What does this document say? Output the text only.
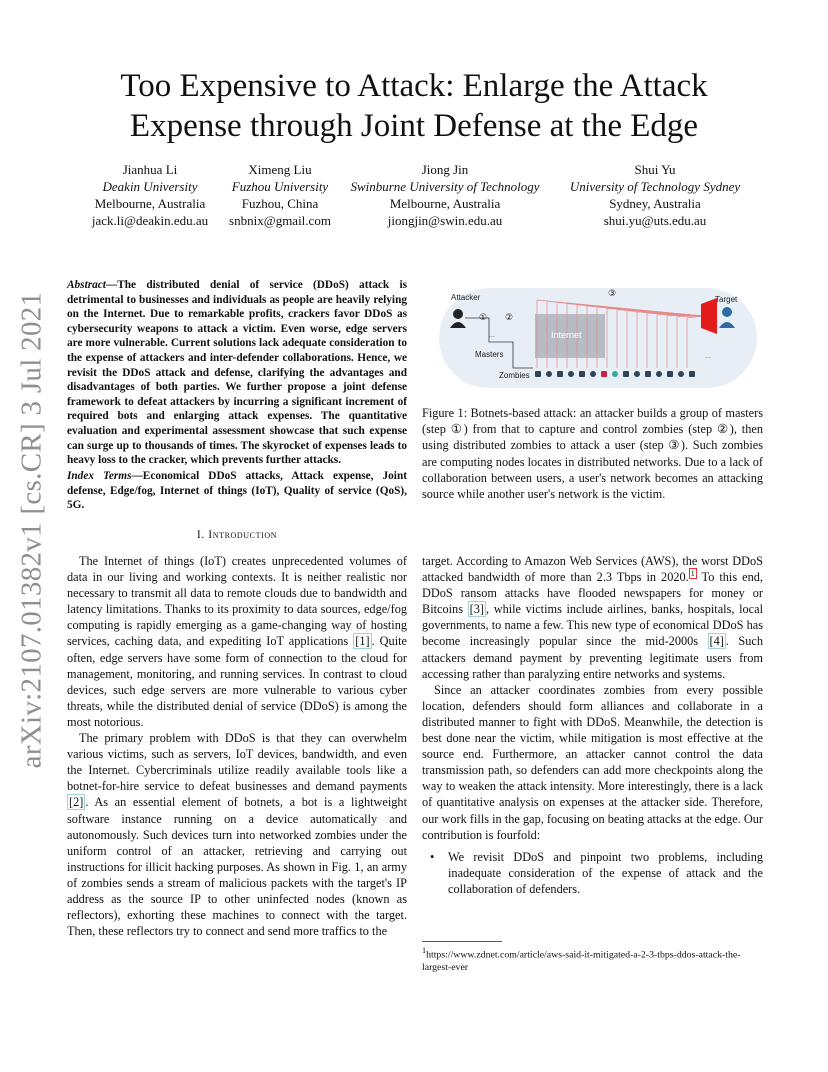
arXiv:2107.01382v1 [cs.CR] 3 Jul 2021
Too Expensive to Attack: Enlarge the Attack Expense through Joint Defense at the Edge
Jianhua Li
Deakin University
Melbourne, Australia
jack.li@deakin.edu.au
Ximeng Liu
Fuzhou University
Fuzhou, China
snbnix@gmail.com
Jiong Jin
Swinburne University of Technology
Melbourne, Australia
jiongjin@swin.edu.au
Shui Yu
University of Technology Sydney
Sydney, Australia
shui.yu@uts.edu.au

Abstract—The distributed denial of service (DDoS) attack is detrimental to businesses and individuals as people are heavily relying on the Internet. Due to remarkable profits, crackers favor DDoS as cybersecurity weapons to attack a victim. Even worse, edge servers are more vulnerable. Current solutions lack adequate consideration to the expense of attackers and inter-defender collaborations. Hence, we revisit the DDoS attack and defense, clarifying the advantages and disadvantages of both parties. We further propose a joint defense framework to defeat attackers by incurring a significant increment of required bots and enlarging attack expenses. The quantitative evaluation and experimental assessment showcase that such expense can surge up to thousands of times. The skyrocket of expenses leads to heavy loss to the cracker, which prevents further attacks.

Index Terms—Economical DDoS attacks, Attack expense, Joint defense, Edge/fog, Internet of things (IoT), Quality of service (QoS), 5G.

I. Introduction

The Internet of things (IoT) creates unprecedented volumes of data in our living and working contexts. It is neither realistic nor necessary to transmit all data to remote clouds due to bandwidth and latency limitations. Thanks to its proximity to data sources, edge/fog computing is rapidly emerging as a game-changing way of hosting services, caching data, and expediting IoT applications [1] . Quite often, edge servers have some form of connection to the cloud for management, monitoring, and running services. In contrast to cloud devices, such edge servers are more vulnerable to various cyber threats, while the distributed denial of service (DDoS) is among the most notorious.

The primary problem with DDoS is that they can overwhelm various victims, such as servers, IoT devices, bandwidth, and even the Internet. Cybercriminals utilize readily available tools like a botnet-for-hire service to defeat businesses and demand payments [2] . As an essential element of botnets, a bot is a lightweight software instance running on a device automatically and autonomously. Such devices turn into networked zombies under the uniform control of an attacker, retrieving and carrying out instructions for illicit hacking purposes. As shown in Fig. 1, an army of zombies sends a stream of malicious packets with the target's IP address as the source IP to other uninfected nodes (known as reflectors), exhorting these machines to connect with the target. Then, these reflectors try to connect and send more traffics to the

Internet
Attacker	Target
Masters
Zombies
① ②
③
...
...

Figure 1: Botnets-based attack: an attacker builds a group of masters (step ①) from that to capture and control zombies (step ②), then using distributed zombies to attack a user (step ③). Such zombies are computing nodes locates in distributed networks. Due to a lack of collaboration between users, a user's network becomes an attacking source while another user's network is the victim.

target. According to Amazon Web Services (AWS), the worst DDoS attacked bandwidth of more than 2.3 Tbps in 2020. $^1$ To this end, DDoS ransom attacks have flooded newspapers for money or Bitcoins [3] , while victims include airlines, banks, hospitals, local governments, to name a few. This new type of economical DDoS has become increasingly popular since the mid-2000s [4] . Such attackers demand payment by preventing legitimate users from accessing rather than paralyzing entire networks and systems.

Since an attacker coordinates zombies from every possible location, defenders should form alliances and collaborate in a distributed manner to fight with DDoS. Meanwhile, the detection is best done near the victim, while mitigation is most effective at the source end. Furthermore, an attacker cannot control the data transmission path, so defenders can add more checkpoints along the way to weaken the attack intensity. More interestingly, there is a lack of quantitative analysis on expenses at the attacker side. Therefore, our work fills in the gap, focusing on beating attacks at the edge. Our contribution is fourfold:

• We revisit DDoS and pinpoint two problems, including inadequate consideration of the expense of attack and the collaboration of defenders.
$^1$https://www.zdnet.com/article/aws-said-it-mitigated-a-2-3-tbps-ddos-attack-the-largest-ever
